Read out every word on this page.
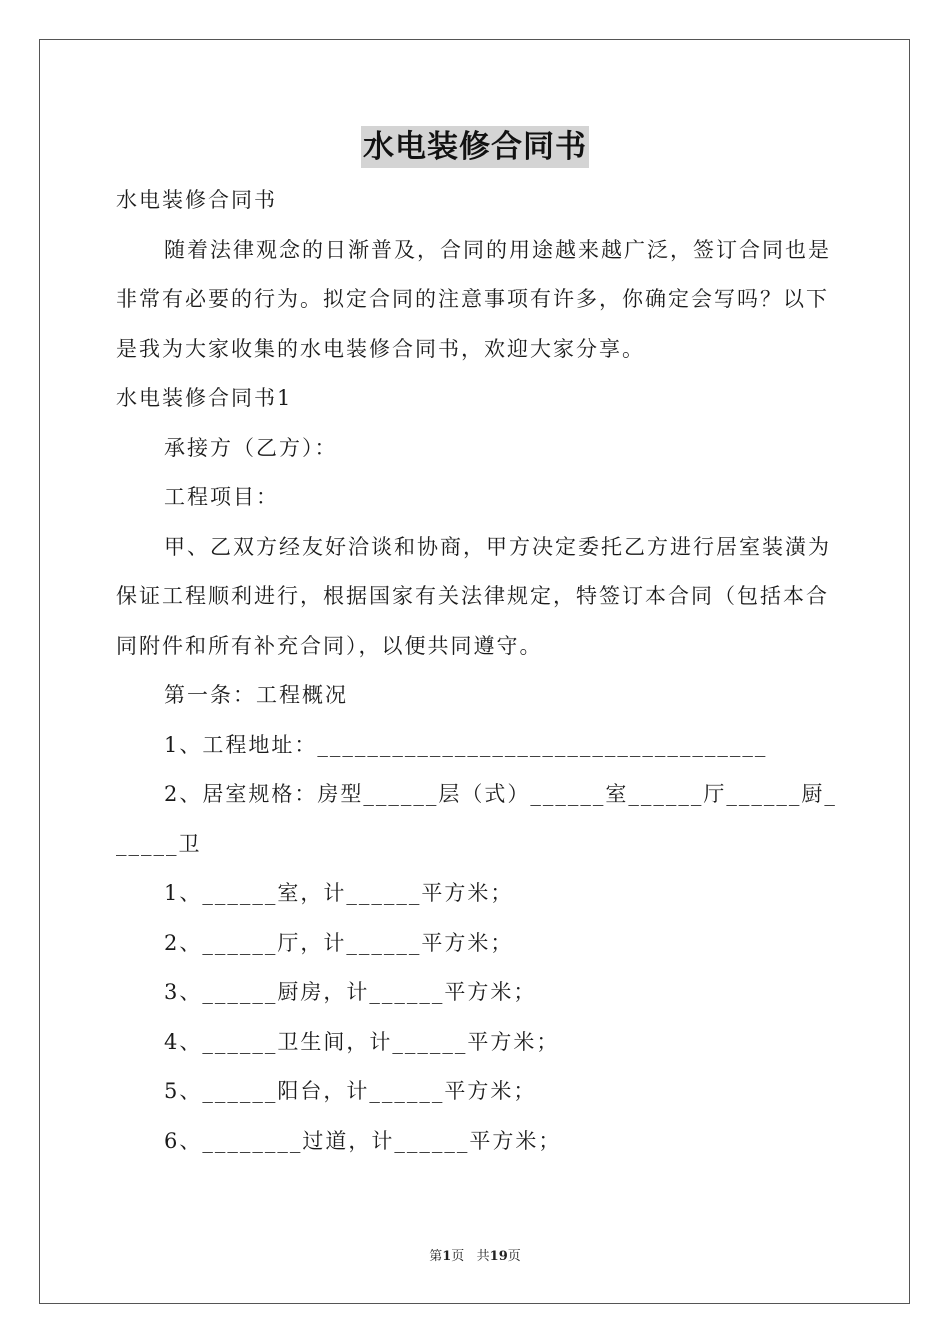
水电装修合同书

水电装修合同书

随着法律观念的日渐普及，合同的用途越来越广泛，签订合同也是非常有必要的行为。拟定合同的注意事项有许多，你确定会写吗？以下是我为大家收集的水电装修合同书，欢迎大家分享。

水电装修合同书1

承接方（乙方）：

工程项目：

甲、乙双方经友好洽谈和协商，甲方决定委托乙方进行居室装潢为保证工程顺利进行，根据国家有关法律规定，特签订本合同（包括本合同附件和所有补充合同），以便共同遵守。

第一条：工程概况

1、工程地址：____________________________________

2、居室规格：房型______层（式）______室______厅______厨_

_____卫

1、______室，计______平方米；

2、______厅，计______平方米；

3、______厨房，计______平方米；

4、______卫生间，计______平方米；

5、______阳台，计______平方米；

6、________过道，计______平方米；

第1页   共19页
